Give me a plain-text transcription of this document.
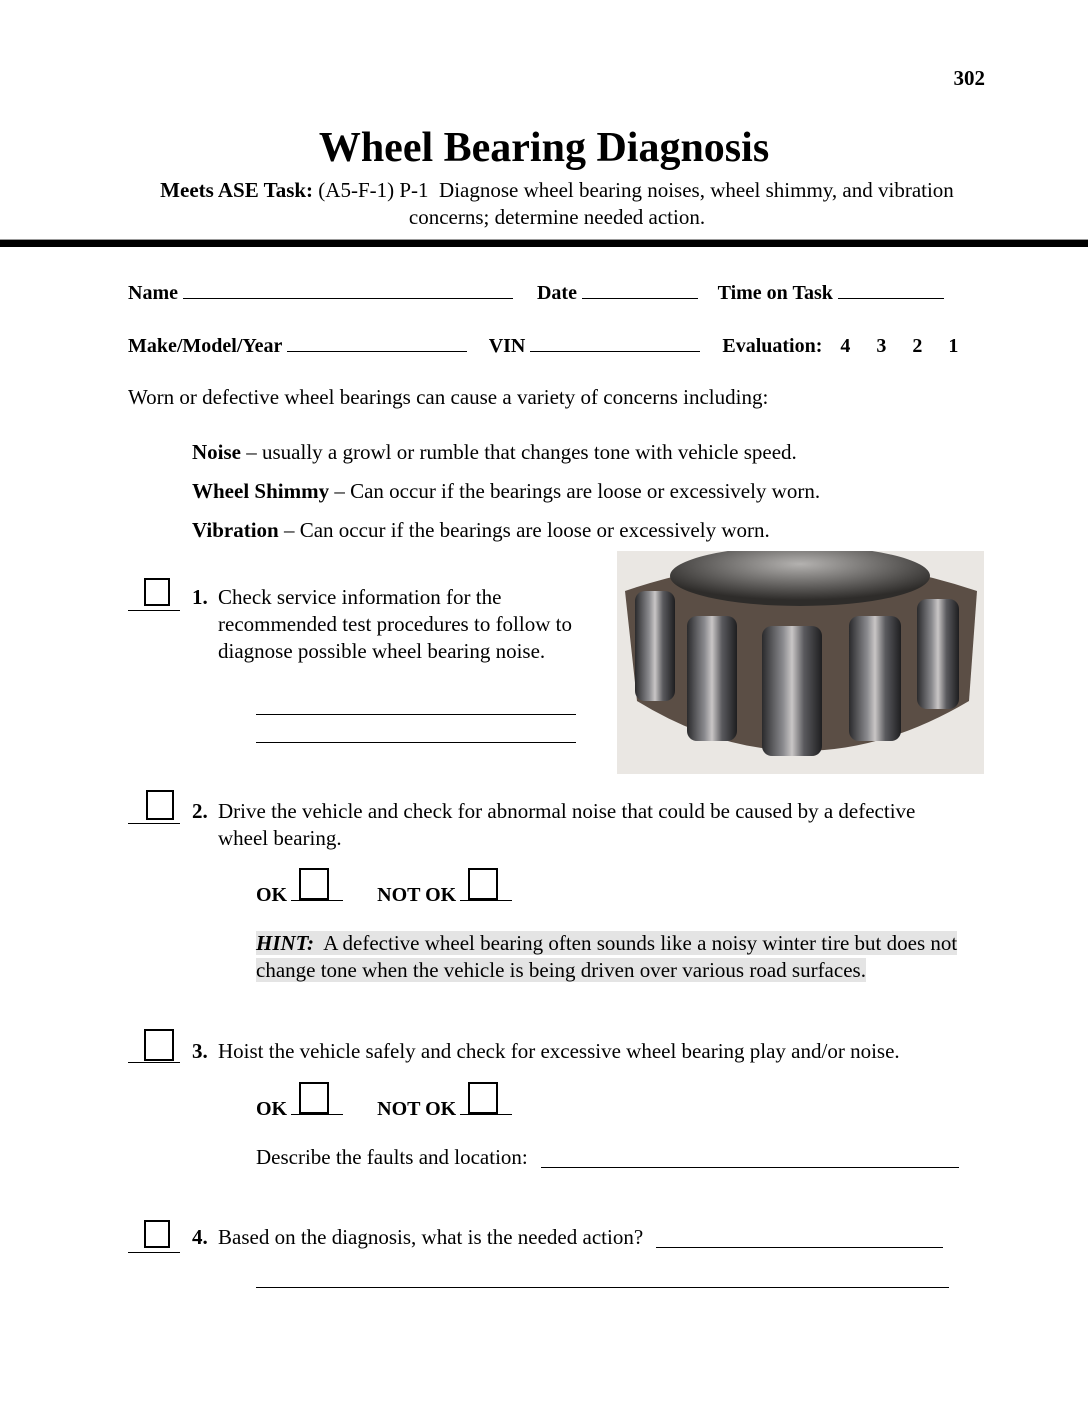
302
Wheel Bearing Diagnosis
Meets ASE Task: (A5-F-1) P-1  Diagnose wheel bearing noises, wheel shimmy, and vibration
concerns; determine needed action.
Name	Date	Time on Task
Make/Model/Year	VIN	Evaluation: 4 3 2 1
Worn or defective wheel bearings can cause a variety of concerns including:
Noise – usually a growl or rumble that changes tone with vehicle speed.
Wheel Shimmy – Can occur if the bearings are loose or excessively worn.
Vibration – Can occur if the bearings are loose or excessively worn.
1. Check service information for the
recommended test procedures to follow to
diagnose possible wheel bearing noise.
2. Drive the vehicle and check for abnormal noise that could be caused by a defective
wheel bearing.
OK	NOT OK
HINT:  A defective wheel bearing often sounds like a noisy winter tire but does not
change tone when the vehicle is being driven over various road surfaces.
3. Hoist the vehicle safely and check for excessive wheel bearing play and/or noise.
OK	NOT OK
Describe the faults and location:
4. Based on the diagnosis, what is the needed action?
